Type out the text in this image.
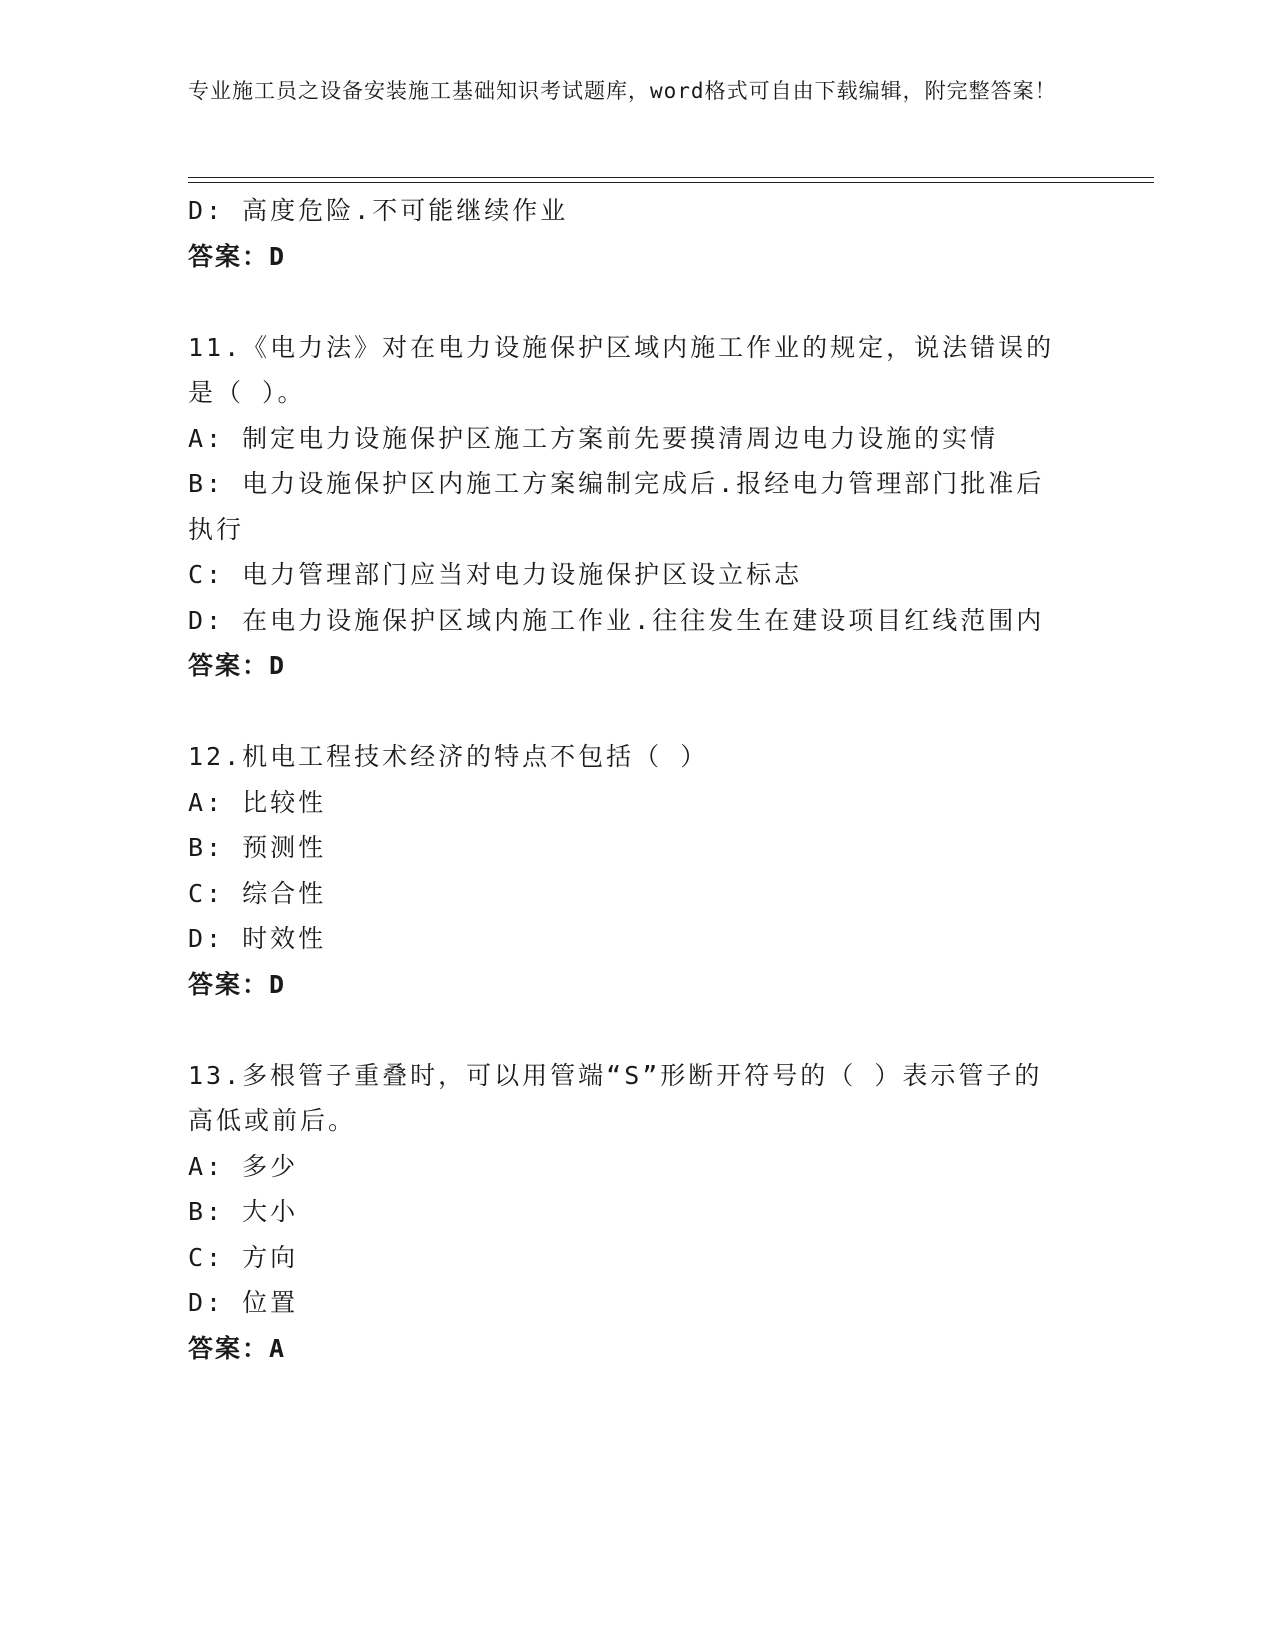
专业施工员之设备安装施工基础知识考试题库，word格式可自由下载编辑，附完整答案！
D: 高度危险.不可能继续作业
答案：D
11.《电力法》对在电力设施保护区域内施工作业的规定，说法错误的
是（ ）。
A: 制定电力设施保护区施工方案前先要摸清周边电力设施的实情
B: 电力设施保护区内施工方案编制完成后.报经电力管理部门批准后
执行
C: 电力管理部门应当对电力设施保护区设立标志
D: 在电力设施保护区域内施工作业.往往发生在建设项目红线范围内
答案：D
12.机电工程技术经济的特点不包括（ ）
A: 比较性
B: 预测性
C: 综合性
D: 时效性
答案：D
13.多根管子重叠时，可以用管端“S”形断开符号的（ ）表示管子的
高低或前后。
A: 多少
B: 大小
C: 方向
D: 位置
答案：A
